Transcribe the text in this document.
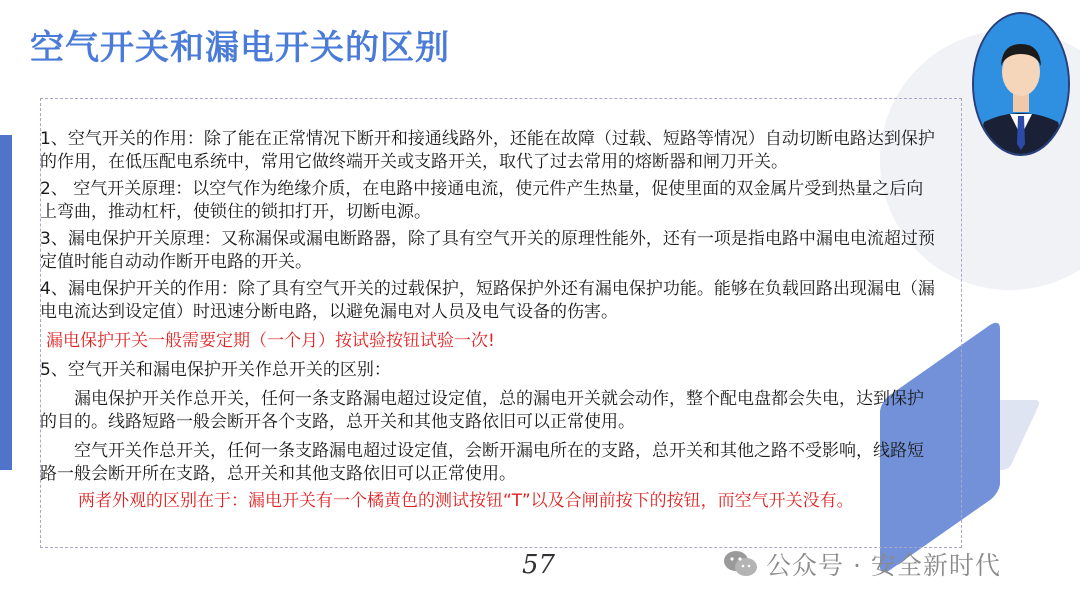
空气开关和漏电开关的区别

1、空气开关的作用：除了能在正常情况下断开和接通线路外，还能在故障（过载、短路等情况）自动切断电路达到保护的作用，在低压配电系统中，常用它做终端开关或支路开关，取代了过去常用的熔断器和闸刀开关。

2、 空气开关原理：以空气作为绝缘介质，在电路中接通电流，使元件产生热量，促使里面的双金属片受到热量之后向上弯曲，推动杠杆，使锁住的锁扣打开，切断电源。

3、漏电保护开关原理：又称漏保或漏电断路器，除了具有空气开关的原理性能外，还有一项是指电路中漏电电流超过预定值时能自动动作断开电路的开关。

4、漏电保护开关的作用：除了具有空气开关的过载保护，短路保护外还有漏电保护功能。能够在负载回路出现漏电（漏电电流达到设定值）时迅速分断电路，以避免漏电对人员及电气设备的伤害。

漏电保护开关一般需要定期（一个月）按试验按钮试验一次!

5、空气开关和漏电保护开关作总开关的区别：

漏电保护开关作总开关，任何一条支路漏电超过设定值，总的漏电开关就会动作，整个配电盘都会失电，达到保护的目的。线路短路一般会断开各个支路，总开关和其他支路依旧可以正常使用。

空气开关作总开关，任何一条支路漏电超过设定值，会断开漏电所在的支路，总开关和其他之路不受影响，线路短路一般会断开所在支路，总开关和其他支路依旧可以正常使用。

两者外观的区别在于：漏电开关有一个橘黄色的测试按钮“T”以及合闸前按下的按钮，而空气开关没有。

57	公众号 · 安全新时代
